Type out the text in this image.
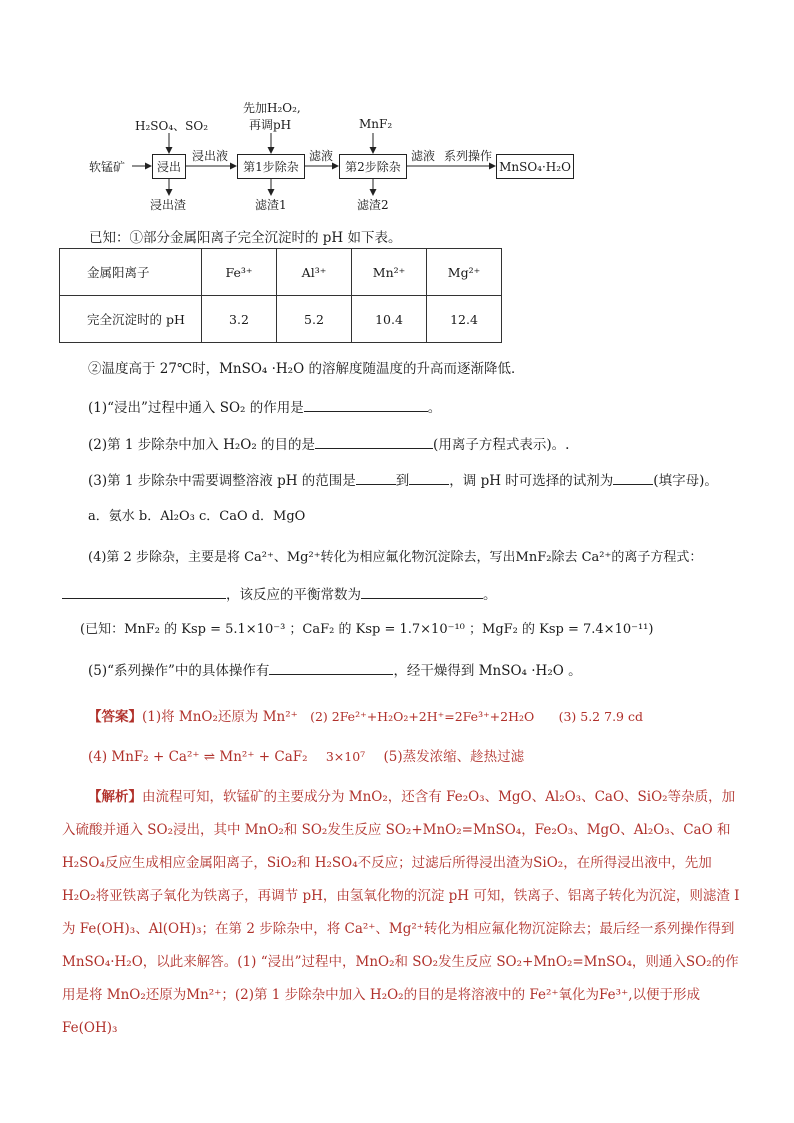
H₂SO₄、SO₂
先加H₂O₂,
再调pH	MnF₂
软锰矿	浸出	第1步除杂	第2步除杂	MnSO₄·H₂O
浸出液	滤液	滤液 系列操作
浸出渣	滤渣1	滤渣2
已知：①部分金属阳离子完全沉淀时的 pH 如下表。
金属阳离子	Fe³⁺	Al³⁺	Mn²⁺	Mg²⁺
完全沉淀时的 pH	3.2	5.2	10.4	12.4
②温度高于 27℃时，MnSO₄ ·H₂O 的溶解度随温度的升高而逐渐降低．
(1)“浸出”过程中通入 SO₂ 的作用是	。
(2)第 1 步除杂中加入 H₂O₂ 的目的是	(用离子方程式表示)。.
(3)第 1 步除杂中需要调整溶液 pH 的范围是	到	，调 pH 时可选择的试剂为	(填字母)。
a．氨水 b．Al₂O₃ c．CaO d．MgO
(4)第 2 步除杂，主要是将 Ca²⁺、Mg²⁺转化为相应氟化物沉淀除去，写出MnF₂除去 Ca²⁺的离子方程式：
，该反应的平衡常数为	。
(已知：MnF₂ 的 Ksp = 5.1×10⁻³ ；CaF₂ 的 Ksp = 1.7×10⁻¹⁰ ；MgF₂ 的 Ksp = 7.4×10⁻¹¹)
(5)“系列操作”中的具体操作有	，经干燥得到 MnSO₄ ·H₂O 。
【答案】(1)将 MnO₂还原为 Mn²⁺ (2) 2Fe²⁺+H₂O₂+2H⁺=2Fe³⁺+2H₂O (3) 5.2 7.9 cd
(4) MnF₂ + Ca²⁺ ⇌ Mn²⁺ + CaF₂ 3×10⁷ (5)蒸发浓缩、趁热过滤
【解析】由流程可知，软锰矿的主要成分为 MnO₂，还含有 Fe₂O₃、MgO、Al₂O₃、CaO、SiO₂等杂质，加入硫酸并通入 SO₂浸出，其中 MnO₂和 SO₂发生反应 SO₂+MnO₂=MnSO₄，Fe₂O₃、MgO、Al₂O₃、CaO 和 H₂SO₄反应生成相应金属阳离子，SiO₂和 H₂SO₄不反应；过滤后所得浸出渣为SiO₂，在所得浸出液中，先加 H₂O₂将亚铁离子氧化为铁离子，再调节 pH，由氢氧化物的沉淀 pH 可知，铁离子、铝离子转化为沉淀，则滤渣 I 为 Fe(OH)₃、Al(OH)₃；在第 2 步除杂中，将 Ca²⁺、Mg²⁺转化为相应氟化物沉淀除去；最后经一系列操作得到 MnSO₄·H₂O，以此来解答。(1) “浸出”过程中，MnO₂和 SO₂发生反应 SO₂+MnO₂=MnSO₄，则通入SO₂的作用是将 MnO₂还原为Mn²⁺；(2)第 1 步除杂中加入 H₂O₂的目的是将溶液中的 Fe²⁺氧化为Fe³⁺,以便于形成 Fe(OH)₃
